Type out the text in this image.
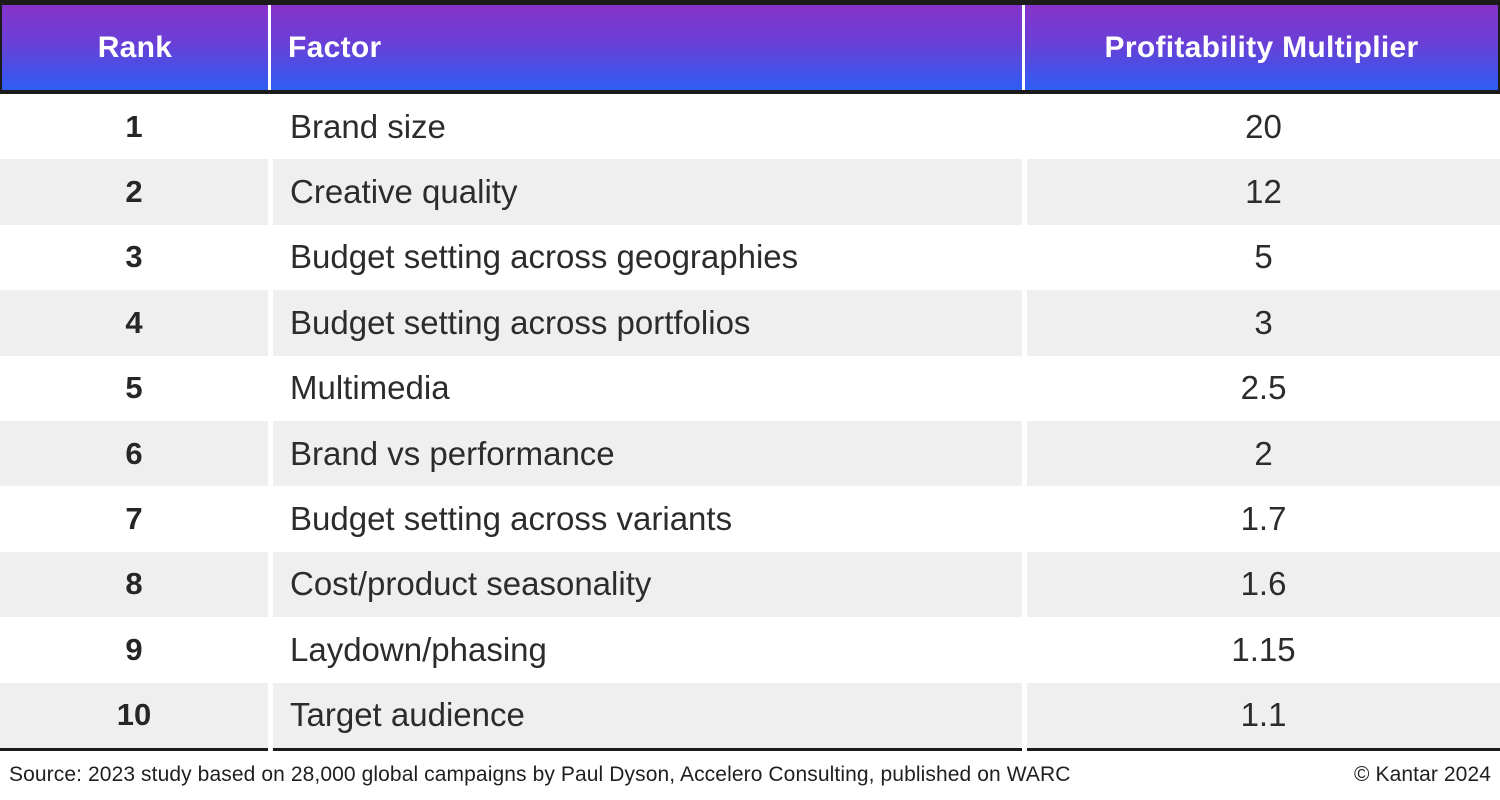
Rank	Factor	Profitability Multiplier
1	Brand size	20
2	Creative quality	12
3	Budget setting across geographies	5
4	Budget setting across portfolios	3
5	Multimedia	2.5
6	Brand vs performance	2
7	Budget setting across variants	1.7
8	Cost/product seasonality	1.6
9	Laydown/phasing	1.15
10	Target audience	1.1
Source: 2023 study based on 28,000 global campaigns by Paul Dyson, Accelero Consulting, published on WARC	© Kantar 2024
